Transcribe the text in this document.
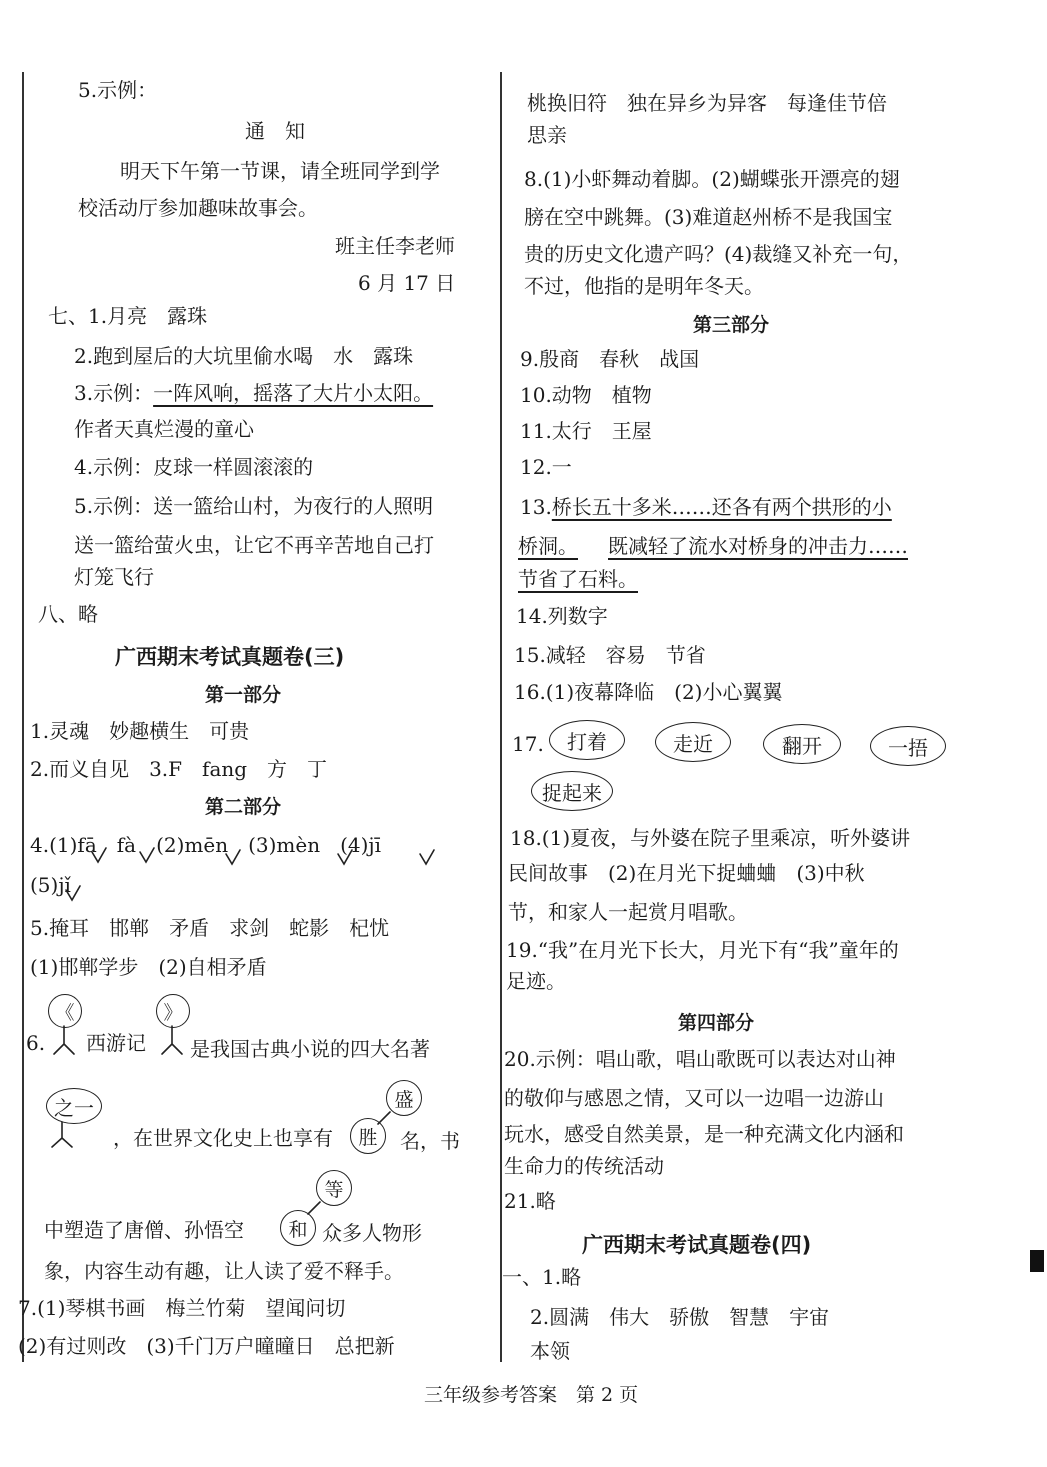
5.示例：
通　知
明天下午第一节课，请全班同学到学
校活动厅参加趣味故事会。
班主任李老师
6 月 17 日
七、1.月亮　露珠
2.跑到屋后的大坑里偷水喝　水　露珠
3.示例：一阵风响，摇落了大片小太阳。
作者天真烂漫的童心
4.示例：皮球一样圆滚滚的
5.示例：送一篮给山村，为夜行的人照明
送一篮给萤火虫，让它不再辛苦地自己打
灯笼飞行
八、略
广西期末考试真题卷(三)
第一部分
1.灵魂　妙趣横生　可贵
2.而义自见　3.F　fang　方　丁
第二部分
4.(1)fā　fà　(2)mēn　(3)mèn　(4)jī
(5)jǐ
5.掩耳　邯郸　矛盾　求剑　蛇影　杞忧
(1)邯郸学步　(2)自相矛盾
6.
《	》
西游记 是我国古典小说的四大名著
之一
，在世界文化史上也享有	胜
盛
名，书
中塑造了唐僧、孙悟空	和
等
众多人物形
象，内容生动有趣，让人读了爱不释手。
7.(1)琴棋书画　梅兰竹菊　望闻问切
(2)有过则改　(3)千门万户曈曈日　总把新
桃换旧符　独在异乡为异客　每逢佳节倍
思亲
8.(1)小虾舞动着脚。(2)蝴蝶张开漂亮的翅
膀在空中跳舞。(3)难道赵州桥不是我国宝
贵的历史文化遗产吗？(4)裁缝又补充一句，
不过，他指的是明年冬天。
第三部分
9.殷商　春秋　战国
10.动物　植物
11.太行　王屋
12.一
13.桥长五十多米……还各有两个拱形的小
桥洞。 既减轻了流水对桥身的冲击力……
节省了石料。
14.列数字
15.减轻　容易　节省
16.(1)夜幕降临　(2)小心翼翼
17.	打着	走近	翻开	一捂
捉起来
18.(1)夏夜，与外婆在院子里乘凉，听外婆讲
民间故事　(2)在月光下捉蛐蛐　(3)中秋
节，和家人一起赏月唱歌。
19.“我”在月光下长大，月光下有“我”童年的
足迹。
第四部分
20.示例：唱山歌，唱山歌既可以表达对山神
的敬仰与感恩之情，又可以一边唱一边游山
玩水，感受自然美景，是一种充满文化内涵和
生命力的传统活动
21.略
广西期末考试真题卷(四)
一、1.略
2.圆满　伟大　骄傲　智慧　宇宙
本领
三年级参考答案　第 2 页
